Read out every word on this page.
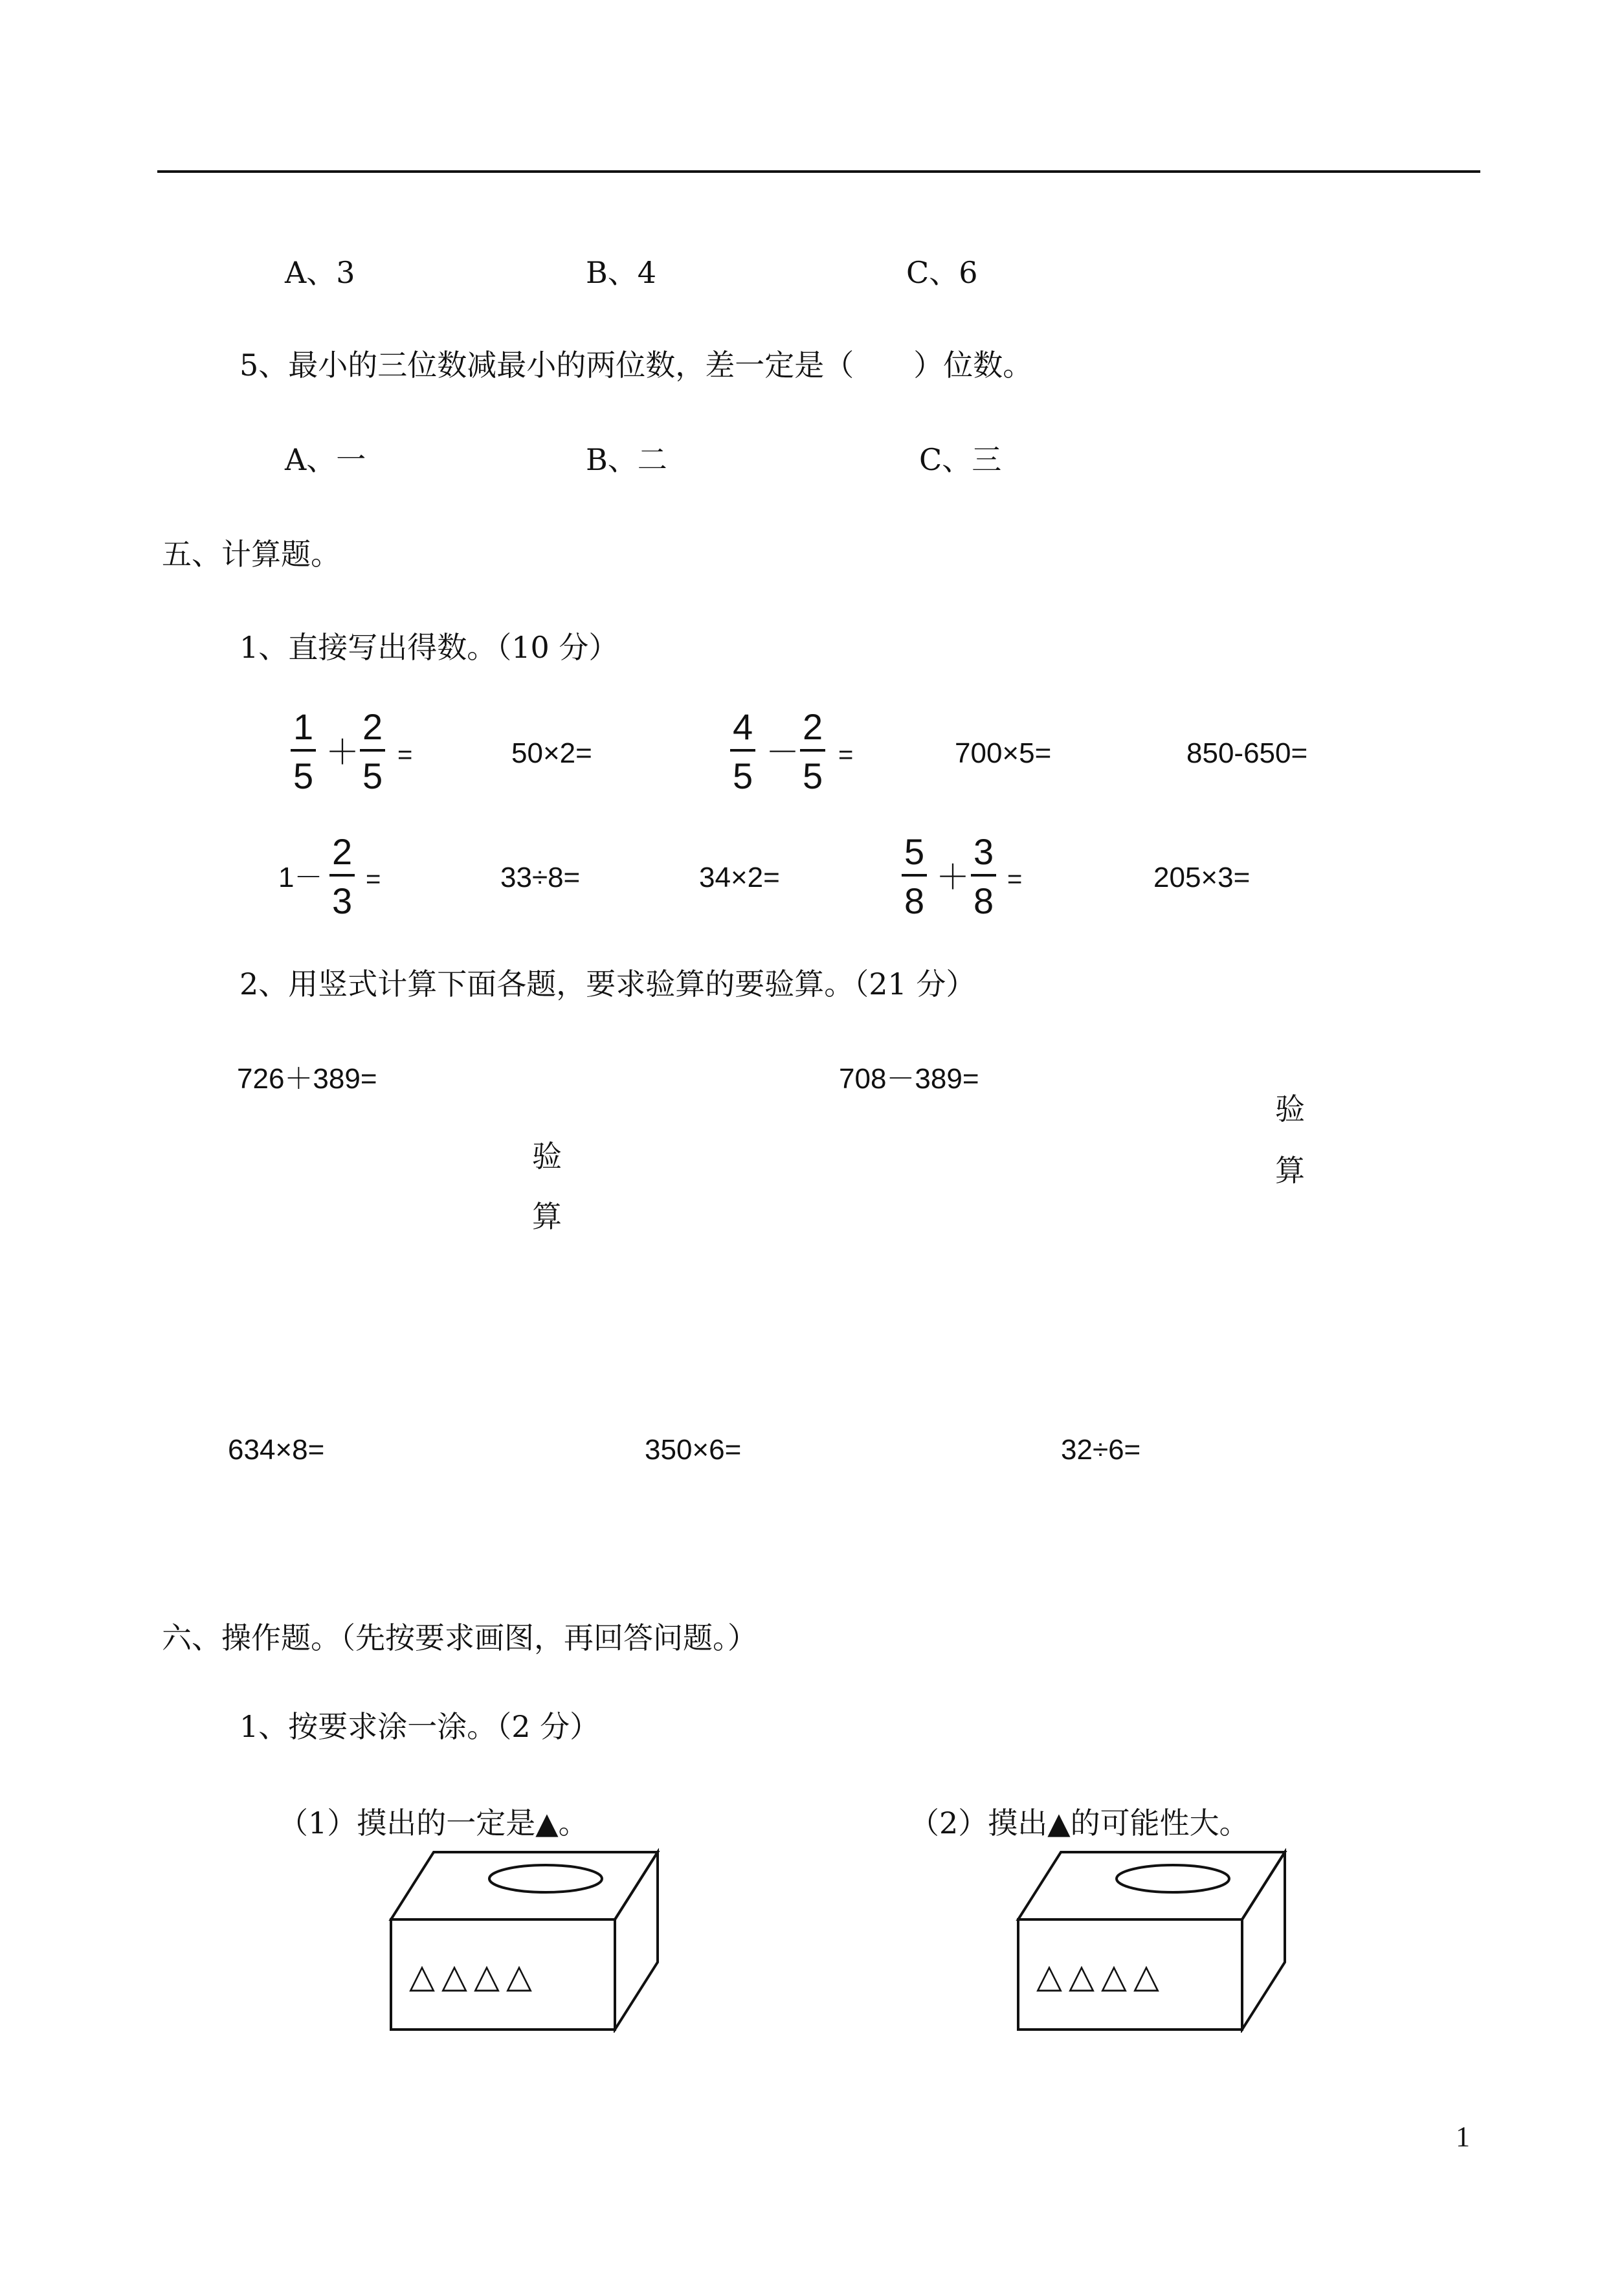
A、3	B、4	C、6
5、最小的三位数减最小的两位数，差一定是（　　）位数。
A、一	B、二	C、三
五、计算题。
1、直接写出得数。（10 分）
$\frac{1}{5} + \frac{2}{5}$ =	50×2=	$\frac{4}{5} - \frac{2}{5}$ =	700×5=	850-650=
$1- \frac{2}{3}$ =	33÷8=	34×2=	$\frac{5}{8} + \frac{3}{8}$ =	205×3=
2、用竖式计算下面各题，要求验算的要验算。（21 分）
726＋389=	708－389=
验
算
验
算
634×8=	350×6=	32÷6=
六、操作题。（先按要求画图，再回答问题。）
1、按要求涂一涂。（2 分）
（1）摸出的一定是▲。	（2）摸出▲的可能性大。
△△△△	△△△△
1
